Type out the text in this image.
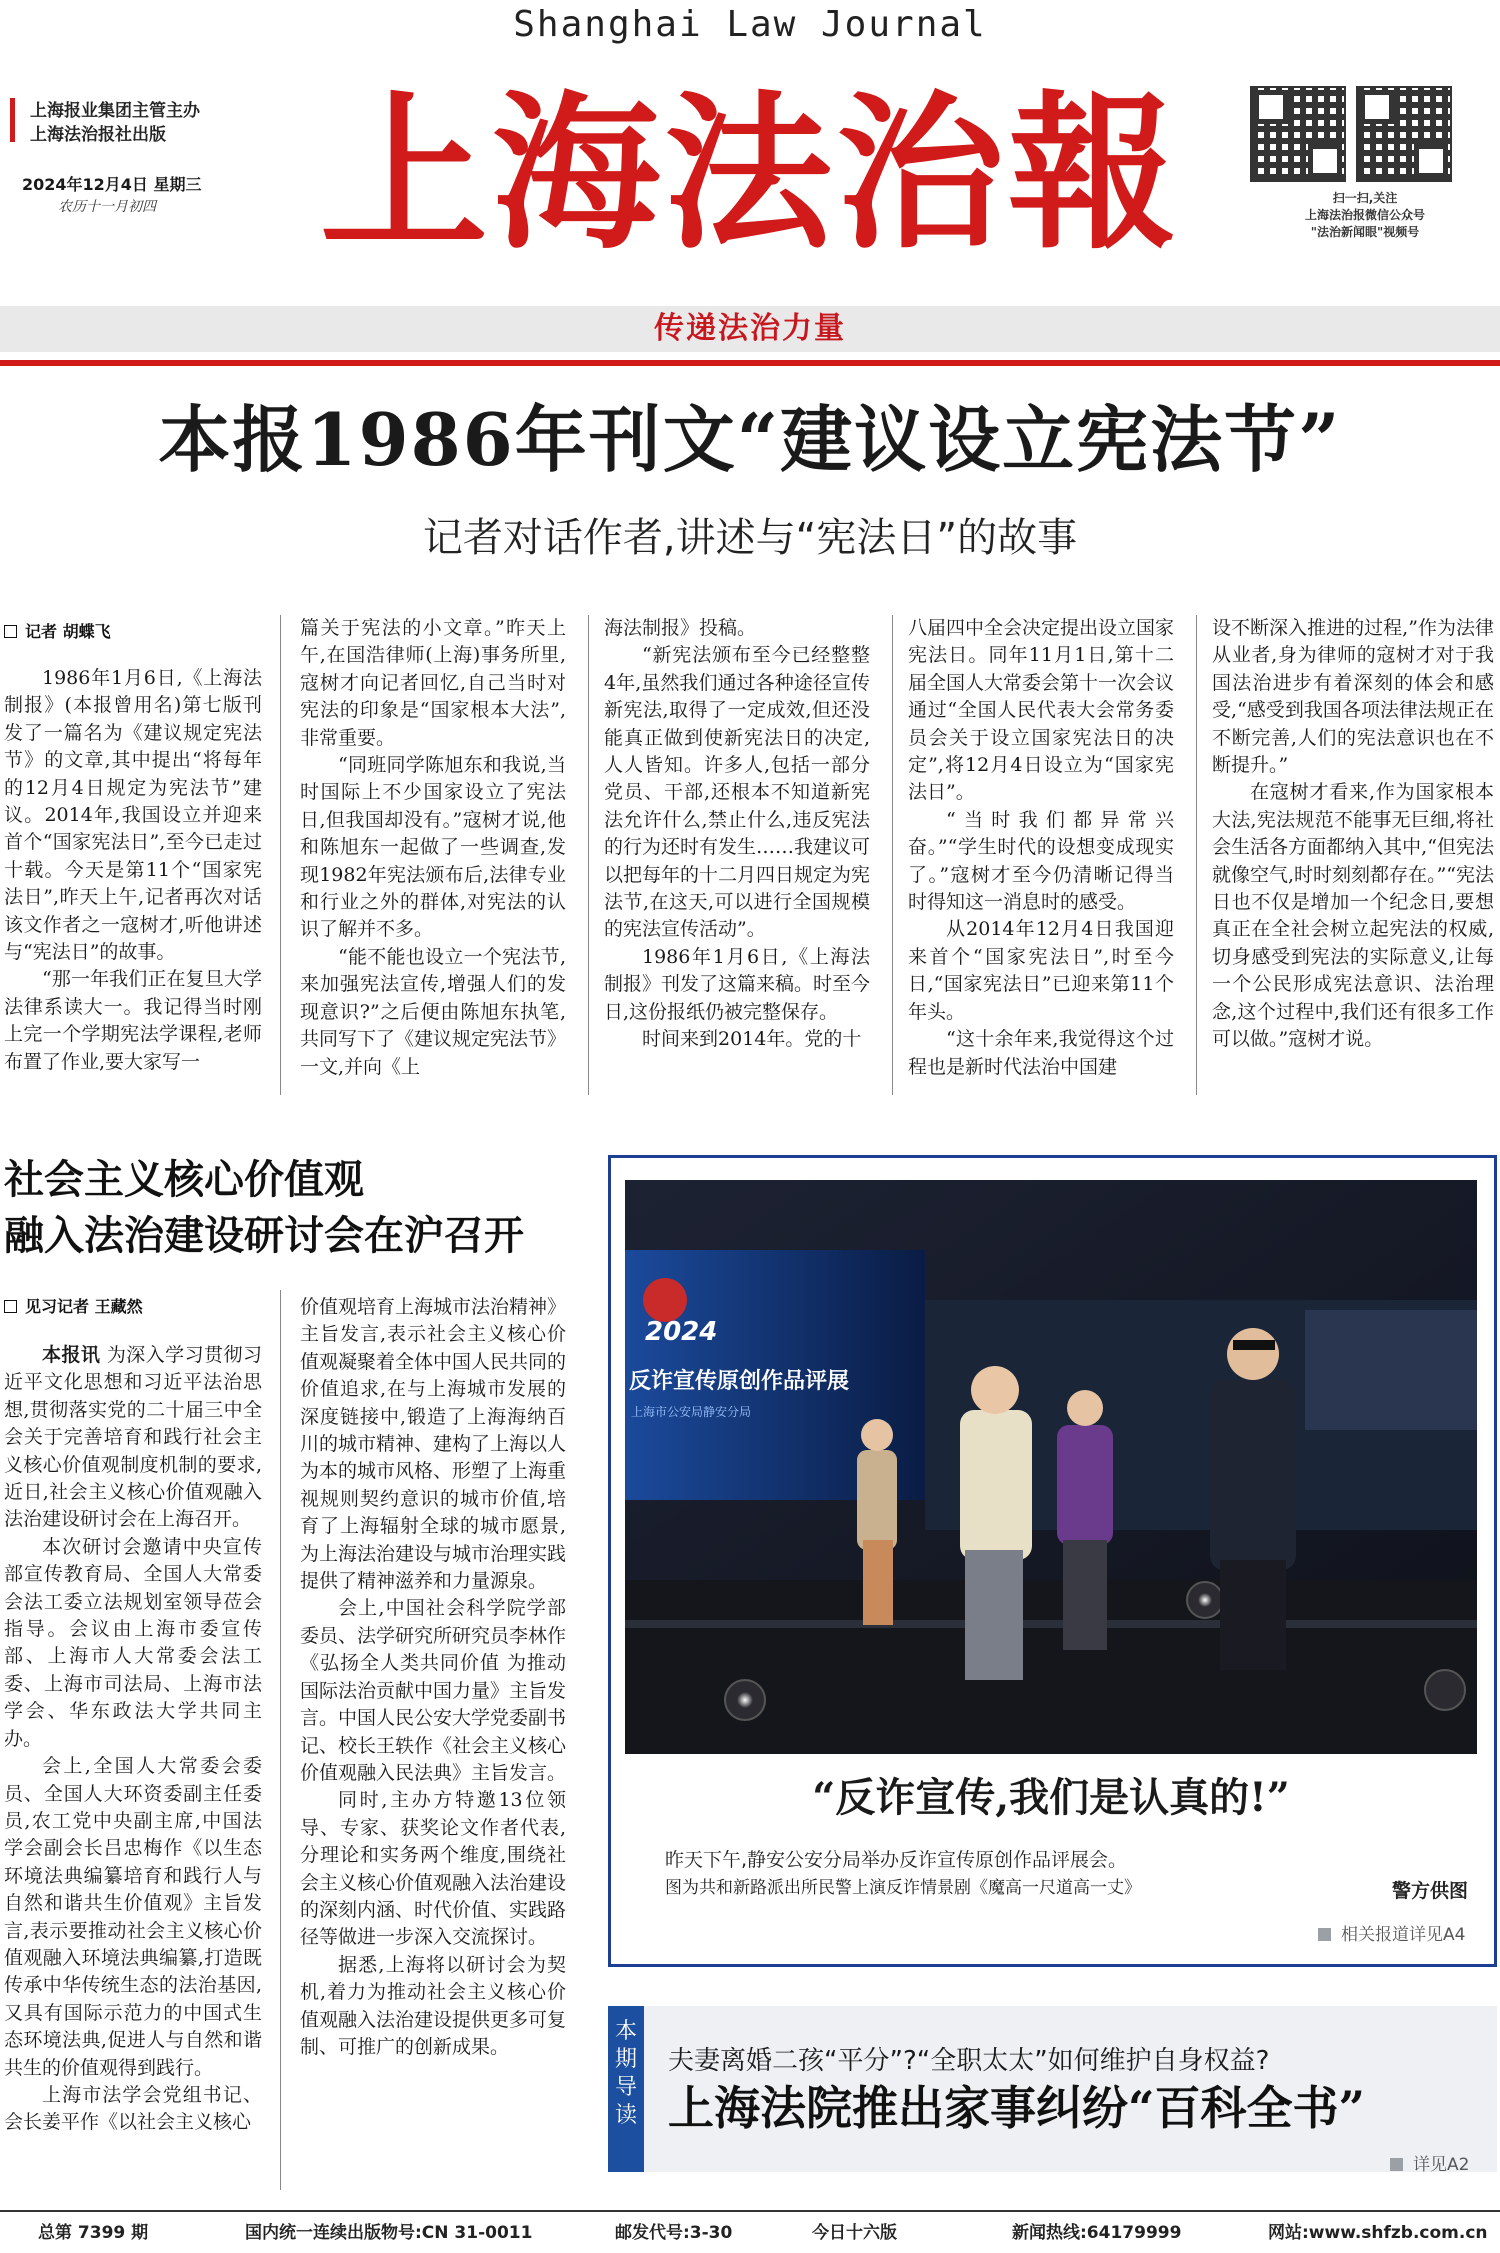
Shanghai Law Journal
上海报业集团主管主办
上海法治报社出版
2024年12月4日 星期三
农历十一月初四 上海法治報	扫一扫,关注
上海法治报微信公众号
"法治新闻眼"视频号
传递法治力量
本报1986年刊文“建议设立宪法节”
记者对话作者,讲述与“宪法日”的故事
记者 胡蝶飞

1986年1月6日,《上海法制报》(本报曾用名)第七版刊发了一篇名为《建议规定宪法节》的文章,其中提出“将每年的12月4日规定为宪法节”建议。2014年,我国设立并迎来首个“国家宪法日”,至今已走过十载。今天是第11个“国家宪法日”,昨天上午,记者再次对话该文作者之一寇树才,听他讲述与“宪法日”的故事。

“那一年我们正在复旦大学法律系读大一。我记得当时刚上完一个学期宪法学课程,老师布置了作业,要大家写一

篇关于宪法的小文章。”昨天上午,在国浩律师(上海)事务所里,寇树才向记者回忆,自己当时对宪法的印象是“国家根本大法”,非常重要。

“同班同学陈旭东和我说,当时国际上不少国家设立了宪法日,但我国却没有。”寇树才说,他和陈旭东一起做了一些调查,发现1982年宪法颁布后,法律专业和行业之外的群体,对宪法的认识了解并不多。

“能不能也设立一个宪法节,来加强宪法宣传,增强人们的发现意识?”之后便由陈旭东执笔,共同写下了《建议规定宪法节》一文,并向《上

海法制报》投稿。

“新宪法颁布至今已经整整4年,虽然我们通过各种途径宣传新宪法,取得了一定成效,但还没能真正做到使新宪法日的决定,人人皆知。许多人,包括一部分党员、干部,还根本不知道新宪法允许什么,禁止什么,违反宪法的行为还时有发生……我建议可以把每年的十二月四日规定为宪法节,在这天,可以进行全国规模的宪法宣传活动”。

1986年1月6日,《上海法制报》刊发了这篇来稿。时至今日,这份报纸仍被完整保存。

时间来到2014年。党的十

八届四中全会决定提出设立国家宪法日。同年11月1日,第十二届全国人大常委会第十一次会议通过“全国人民代表大会常务委员会关于设立国家宪法日的决定”,将12月4日设立为“国家宪法日”。

“当时我们都异常兴奋。”“学生时代的设想变成现实了。”寇树才至今仍清晰记得当时得知这一消息时的感受。

从2014年12月4日我国迎来首个“国家宪法日”,时至今日,“国家宪法日”已迎来第11个年头。

“这十余年来,我觉得这个过程也是新时代法治中国建

设不断深入推进的过程,”作为法律从业者,身为律师的寇树才对于我国法治进步有着深刻的体会和感受,“感受到我国各项法律法规正在不断完善,人们的宪法意识也在不断提升。”

在寇树才看来,作为国家根本大法,宪法规范不能事无巨细,将社会生活各方面都纳入其中,“但宪法就像空气,时时刻刻都存在。”“宪法日也不仅是增加一个纪念日,要想真正在全社会树立起宪法的权威,切身感受到宪法的实际意义,让每一个公民形成宪法意识、法治理念,这个过程中,我们还有很多工作可以做。”寇树才说。

社会主义核心价值观
融入法治建设研讨会在沪召开
见习记者 王藏然

本报讯 为深入学习贯彻习近平文化思想和习近平法治思想,贯彻落实党的二十届三中全会关于完善培育和践行社会主义核心价值观制度机制的要求,近日,社会主义核心价值观融入法治建设研讨会在上海召开。

本次研讨会邀请中央宣传部宣传教育局、全国人大常委会法工委立法规划室领导莅会指导。会议由上海市委宣传部、上海市人大常委会法工委、上海市司法局、上海市法学会、华东政法大学共同主办。

会上,全国人大常委会委员、全国人大环资委副主任委员,农工党中央副主席,中国法学会副会长吕忠梅作《以生态环境法典编纂培育和践行人与自然和谐共生价值观》主旨发言,表示要推动社会主义核心价值观融入环境法典编纂,打造既传承中华传统生态的法治基因,又具有国际示范力的中国式生态环境法典,促进人与自然和谐共生的价值观得到践行。

上海市法学会党组书记、会长姜平作《以社会主义核心

价值观培育上海城市法治精神》主旨发言,表示社会主义核心价值观凝聚着全体中国人民共同的价值追求,在与上海城市发展的深度链接中,锻造了上海海纳百川的城市精神、建构了上海以人为本的城市风格、形塑了上海重视规则契约意识的城市价值,培育了上海辐射全球的城市愿景,为上海法治建设与城市治理实践提供了精神滋养和力量源泉。

会上,中国社会科学院学部委员、法学研究所研究员李林作《弘扬全人类共同价值 为推动国际法治贡献中国力量》主旨发言。中国人民公安大学党委副书记、校长王轶作《社会主义核心价值观融入民法典》主旨发言。

同时,主办方特邀13位领导、专家、获奖论文作者代表,分理论和实务两个维度,围绕社会主义核心价值观融入法治建设的深刻内涵、时代价值、实践路径等做进一步深入交流探讨。

据悉,上海将以研讨会为契机,着力为推动社会主义核心价值观融入法治建设提供更多可复制、可推广的创新成果。

2024
反诈宣传原创作品评展
上海市公安局静安分局
“反诈宣传,我们是认真的!”
昨天下午,静安公安分局举办反诈宣传原创作品评展会。
图为共和新路派出所民警上演反诈情景剧《魔高一尺道高一丈》	警方供图
相关报道详见A4
本
期
导
读
夫妻离婚二孩“平分”?“全职太太”如何维护自身权益?
上海法院推出家事纠纷“百科全书”
详见A2
总第 7399 期	国内统一连续出版物号:CN 31-0011	邮发代号:3-30	今日十六版	新闻热线:64179999	网站:www.shfzb.com.cn
